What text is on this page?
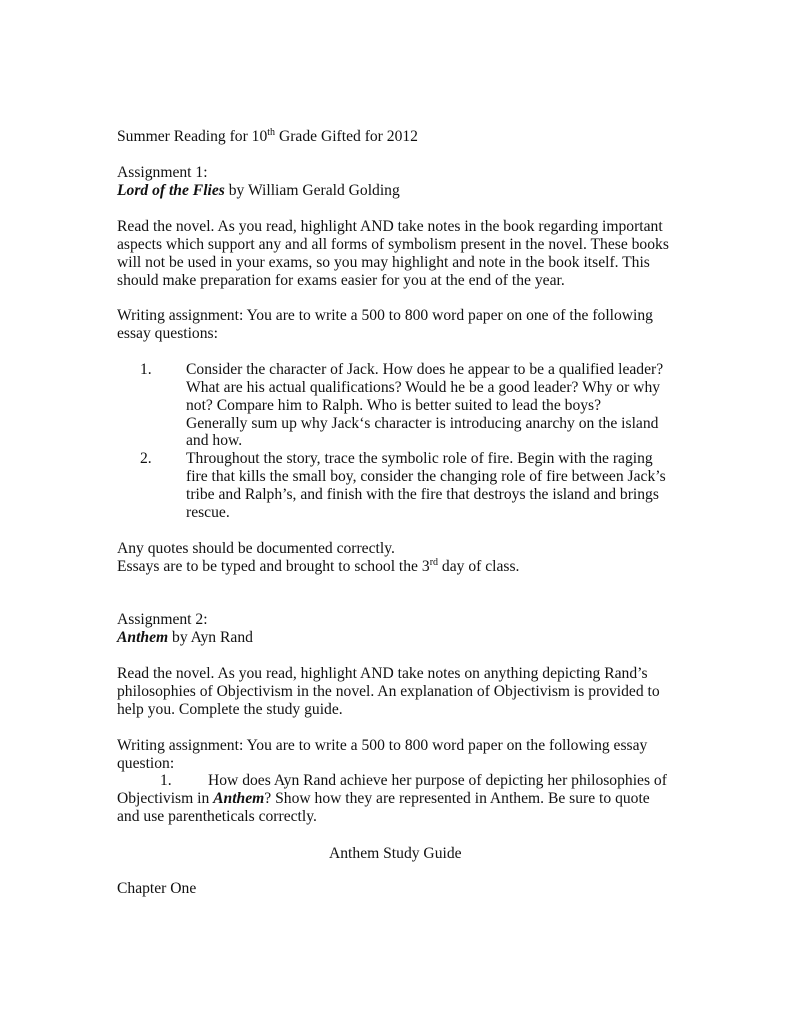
Summer Reading for 10th Grade Gifted for 2012
Assignment 1:
Lord of the Flies by William Gerald Golding
Read the novel. As you read, highlight AND take notes in the book regarding important
aspects which support any and all forms of symbolism present in the novel. These books
will not be used in your exams, so you may highlight and note in the book itself. This
should make preparation for exams easier for you at the end of the year.
Writing assignment: You are to write a 500 to 800 word paper on one of the following
essay questions:
1. Consider the character of Jack. How does he appear to be a qualified leader?
What are his actual qualifications? Would he be a good leader? Why or why
not? Compare him to Ralph. Who is better suited to lead the boys?
Generally sum up why Jack‘s character is introducing anarchy on the island
and how.
2. Throughout the story, trace the symbolic role of fire. Begin with the raging
fire that kills the small boy, consider the changing role of fire between Jack’s
tribe and Ralph’s, and finish with the fire that destroys the island and brings
rescue.
Any quotes should be documented correctly.
Essays are to be typed and brought to school the 3rd day of class.
Assignment 2:
Anthem by Ayn Rand
Read the novel. As you read, highlight AND take notes on anything depicting Rand’s
philosophies of Objectivism in the novel. An explanation of Objectivism is provided to
help you. Complete the study guide.
Writing assignment: You are to write a 500 to 800 word paper on the following essay
question:
1. How does Ayn Rand achieve her purpose of depicting her philosophies of
Objectivism in Anthem? Show how they are represented in Anthem. Be sure to quote
and use parentheticals correctly.
Anthem Study Guide
Chapter One
